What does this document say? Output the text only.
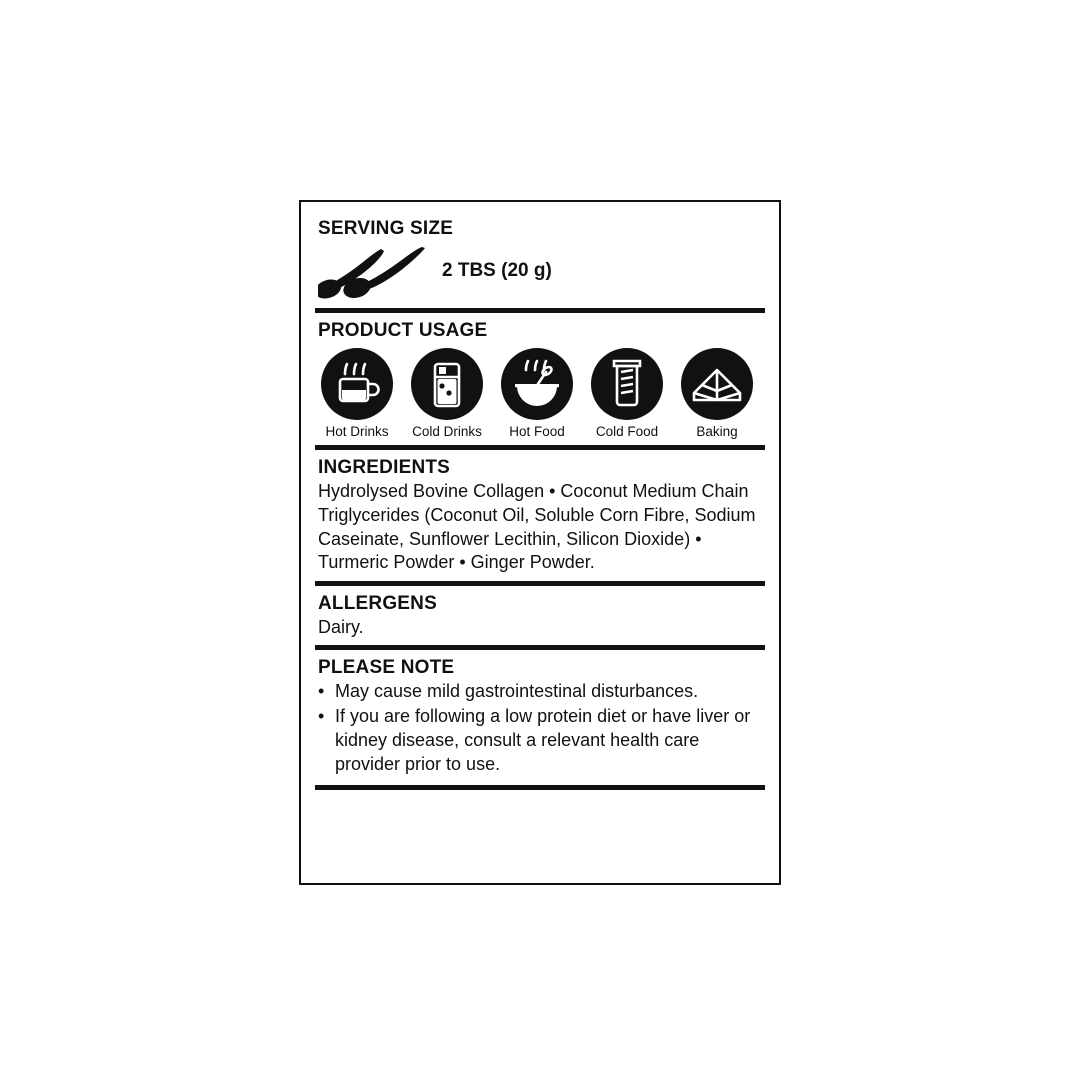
SERVING SIZE
2 TBS (20 g)
PRODUCT USAGE
Hot Drinks	Cold Drinks	Hot Food	Cold Food	Baking
INGREDIENTS

Hydrolysed Bovine Collagen • Coconut Medium Chain Triglycerides (Coconut Oil, Soluble Corn Fibre, Sodium Caseinate, Sunflower Lecithin, Silicon Dioxide) • Turmeric Powder • Ginger Powder.

ALLERGENS

Dairy.

PLEASE NOTE
• May cause mild gastrointestinal disturbances.
• If you are following a low protein diet or have liver or kidney disease, consult a relevant health care provider prior to use.
